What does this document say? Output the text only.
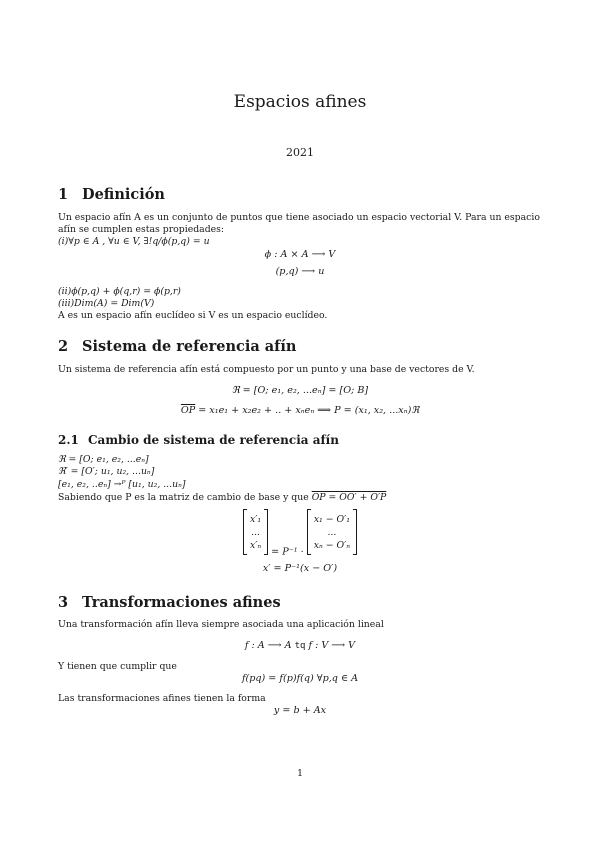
Espacios afines
2021
1 Definición

Un espacio afín A es un conjunto de puntos que tiene asociado un espacio vectorial V. Para un espacio afín se cumplen estas propiedades:

(i)∀p ∈ A , ∀u ∈ V, ∃!q/ϕ(p,q) = u

ϕ : A × A ⟶ V
(p,q) ⟶ u

(ii)ϕ(p,q) + ϕ(q,r) = ϕ(p,r)

(iii)Dim(A) = Dim(V)

A es un espacio afín euclídeo si V es un espacio euclídeo.

2 Sistema de referencia afín

Un sistema de referencia afín está compuesto por un punto y una base de vectores de V.

ℜ = [O; e₁, e₂, ...eₙ] = [O; B]
$\overline{OP} = x_1e_1 + x_2e_2$ + .. + xₙeₙ ⟹ P = (x₁, x₂, ...xₙ)ℜ
2.1 Cambio de sistema de referencia afín

ℜ = [O; e₁, e₂, ...eₙ]

ℜ′ = [O′; u₁, u₂, ...uₙ]

[e₁, e₂, ..eₙ] →ᴾ [u₁, u₂, ...uₙ]

Sabiendo que P es la matriz de cambio de base y que OP = OO′ + O′P

x′₁
...
x′ₙ
= P⁻¹ ·
x₁ − O′₁
...
xₙ − O′ₙ
x′ = P⁻¹(x − O′)
3 Transformaciones afines

Una transformación afín lleva siempre asociada una aplicación lineal

f : A ⟶ A tq f : V ⟶ V

Y tienen que cumplir que

f(pq) = f(p)f(q) ∀p,q ∈ A

Las transformaciones afines tienen la forma

y = b + Ax
1
